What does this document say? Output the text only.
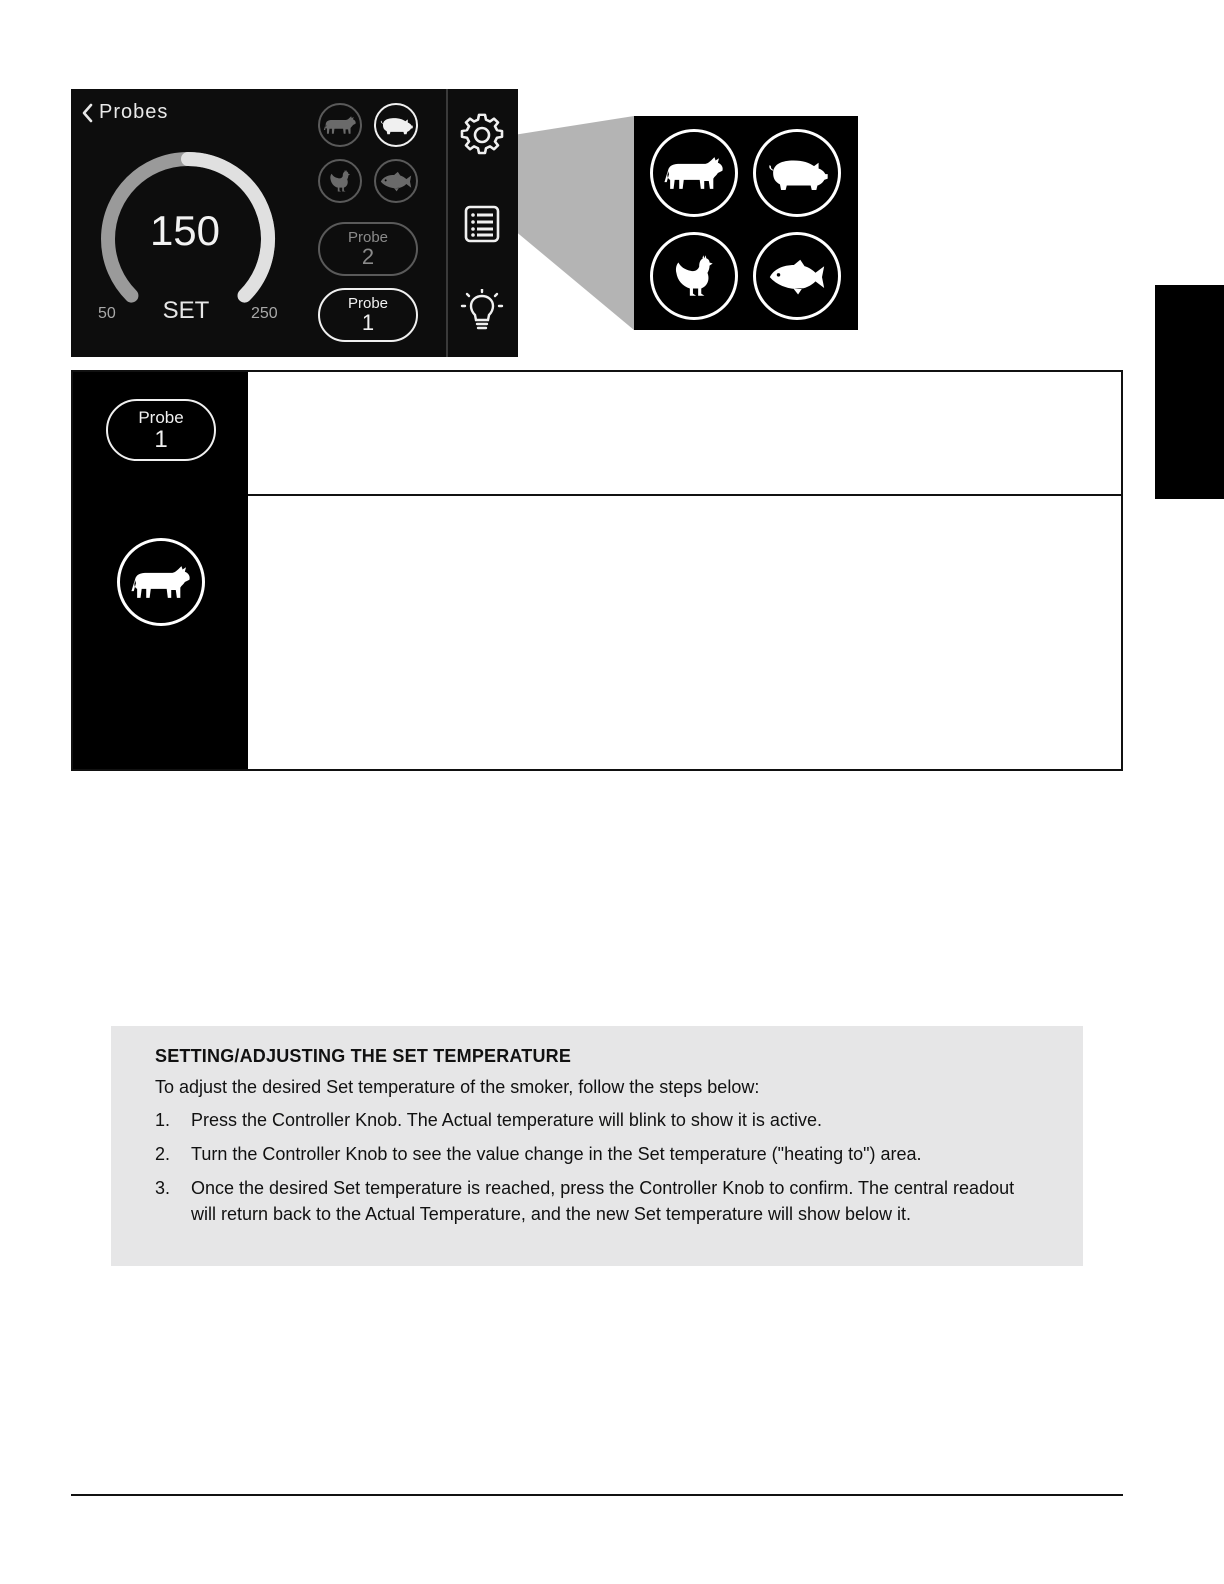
Probes
150
SET
50	250
Probe
2
Probe
1
Probe
1
SETTING/ADJUSTING THE SET TEMPERATURE
To adjust the desired Set temperature of the smoker, follow the steps below:
1. Press the Controller Knob. The Actual temperature will blink to show it is active.
2. Turn the Controller Knob to see the value change in the Set temperature ("heating to") area.
3. Once the desired Set temperature is reached, press the Controller Knob to confirm. The central readout will return back to the Actual Temperature, and the new Set temperature will show below it.
